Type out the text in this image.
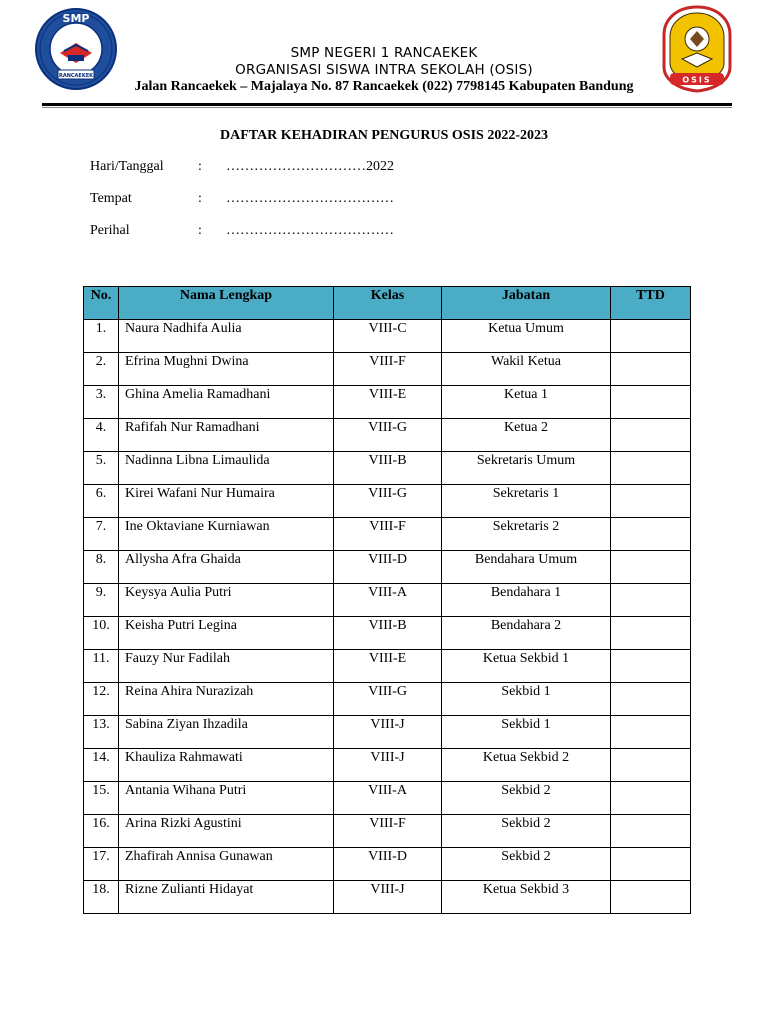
SMP
NEGERI 1
RANCAEKEK	OSIS
SMP NEGERI 1 RANCAEKEK
ORGANISASI SISWA INTRA SEKOLAH (OSIS)
Jalan Rancaekek – Majalaya No. 87 Rancaekek (022) 7798145 Kabupaten Bandung
DAFTAR KEHADIRAN PENGURUS OSIS 2022-2023
Hari/Tanggal : …………………………2022
Tempat	: ………………………………
Perihal	: ………………………………
No.	Nama Lengkap	Kelas	Jabatan	TTD
1.	Naura Nadhifa Aulia	VIII-C	Ketua Umum	
2.	Efrina Mughni Dwina	VIII-F	Wakil Ketua	
3.	Ghina Amelia Ramadhani	VIII-E	Ketua 1	
4.	Rafifah Nur Ramadhani	VIII-G	Ketua 2	
5.	Nadinna Libna Limaulida	VIII-B	Sekretaris Umum	
6.	Kirei Wafani Nur Humaira	VIII-G	Sekretaris 1	
7.	Ine Oktaviane Kurniawan	VIII-F	Sekretaris 2	
8.	Allysha Afra Ghaida	VIII-D	Bendahara Umum	
9.	Keysya Aulia Putri	VIII-A	Bendahara 1	
10.	Keisha Putri Legina	VIII-B	Bendahara 2	
11.	Fauzy Nur Fadilah	VIII-E	Ketua Sekbid 1	
12.	Reina Ahira Nurazizah	VIII-G	Sekbid 1	
13.	Sabina Ziyan Ihzadila	VIII-J	Sekbid 1	
14.	Khauliza Rahmawati	VIII-J	Ketua Sekbid 2	
15.	Antania Wihana Putri	VIII-A	Sekbid 2	
16.	Arina Rizki Agustini	VIII-F	Sekbid 2	
17.	Zhafirah Annisa Gunawan	VIII-D	Sekbid 2	
18.	Rizne Zulianti Hidayat	VIII-J	Ketua Sekbid 3	
